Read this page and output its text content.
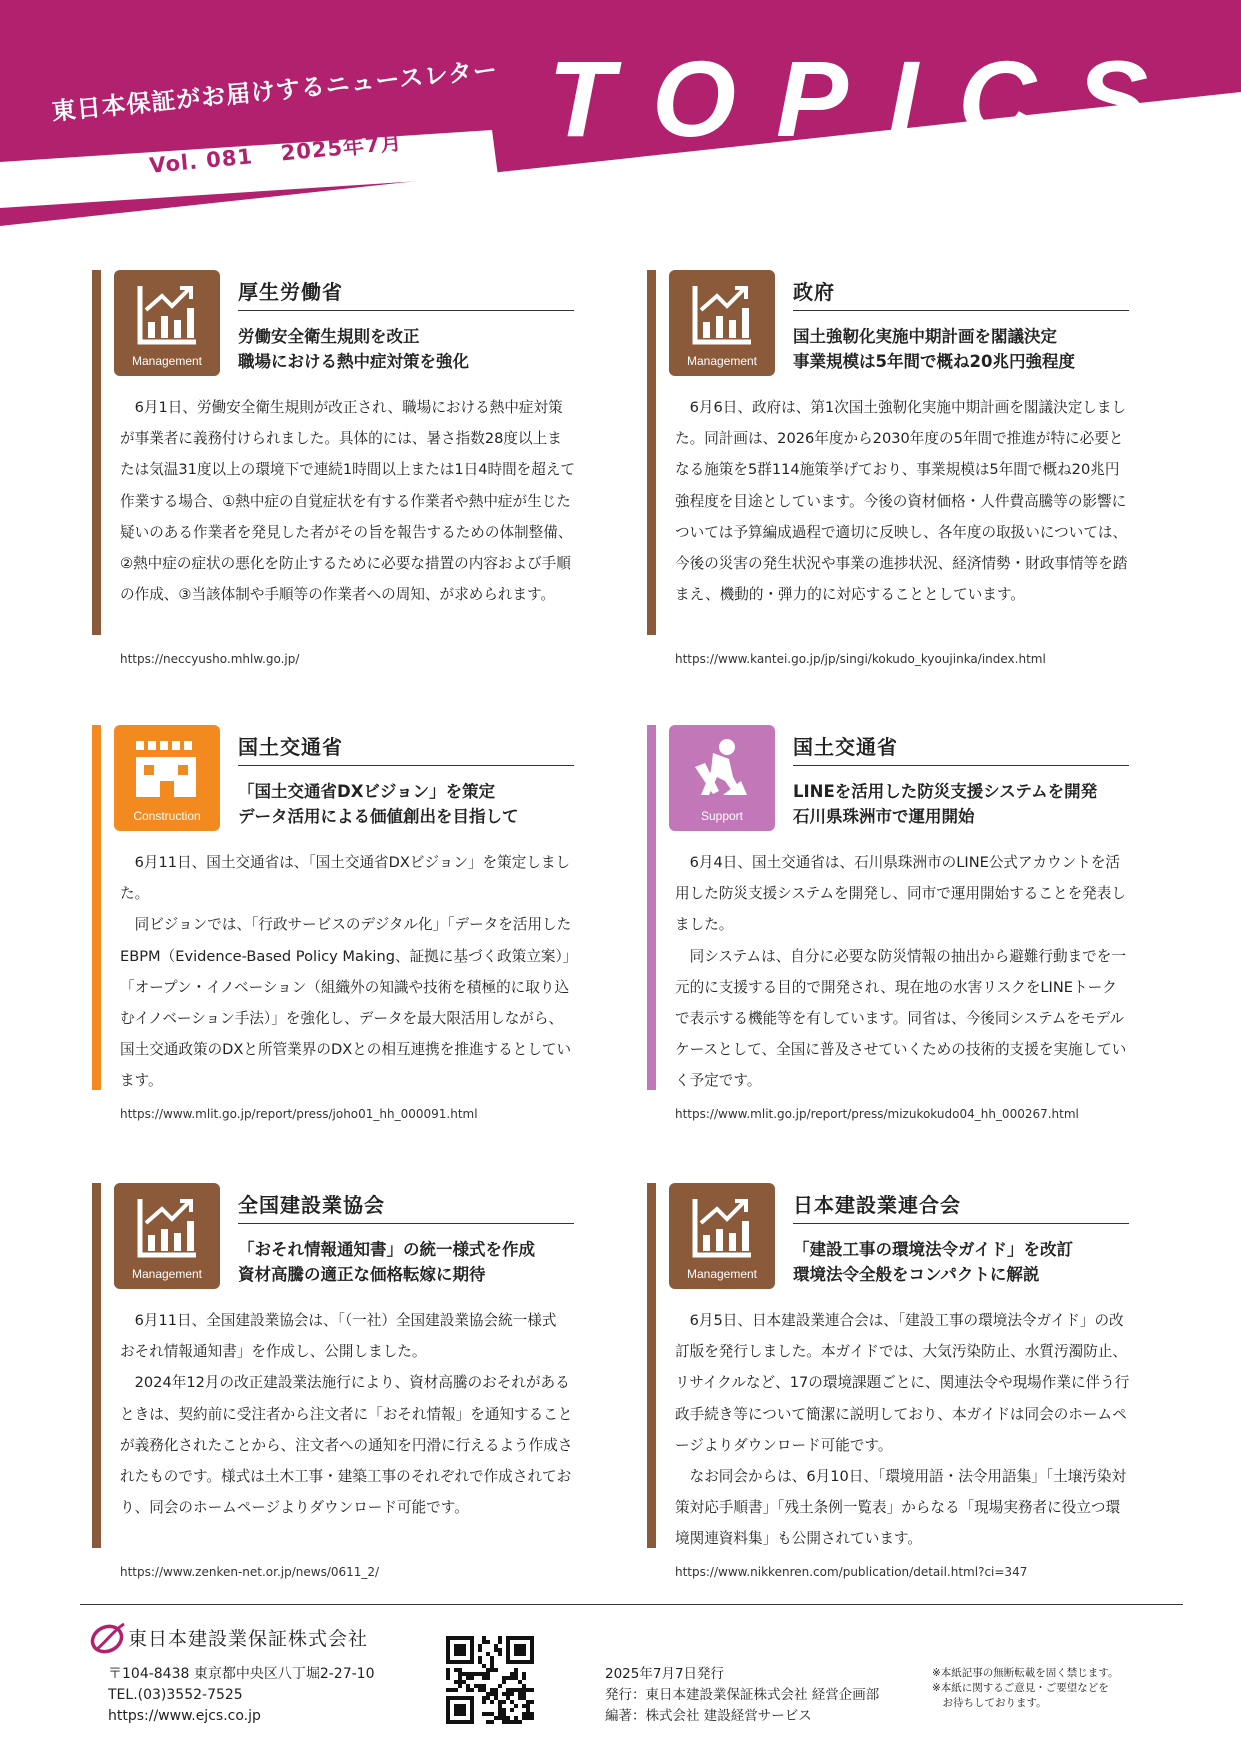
東日本保証がお届けするニュースレター
Vol. 081 2025年7月 TOPICS
Management
厚生労働省
労働安全衛生規則を改正
職場における熱中症対策を強化

6月1日、労働安全衛生規則が改正され、職場における熱中症対策が事業者に義務付けられました。具体的には、暑さ指数28度以上または気温31度以上の環境下で連続1時間以上または1日4時間を超えて作業する場合、①熱中症の自覚症状を有する作業者や熱中症が生じた疑いのある作業者を発見した者がその旨を報告するための体制整備、②熱中症の症状の悪化を防止するために必要な措置の内容および手順の作成、③当該体制や手順等の作業者への周知、が求められます。

https://neccyusho.mhlw.go.jp/
Management
政府
国土強靭化実施中期計画を閣議決定
事業規模は5年間で概ね20兆円強程度

6月6日、政府は、第1次国土強靭化実施中期計画を閣議決定しました。同計画は、2026年度から2030年度の5年間で推進が特に必要となる施策を5群114施策挙げており、事業規模は5年間で概ね20兆円強程度を目途としています。今後の資材価格・人件費高騰等の影響については予算編成過程で適切に反映し、各年度の取扱いについては、今後の災害の発生状況や事業の進捗状況、経済情勢・財政事情等を踏まえ、機動的・弾力的に対応することとしています。

https://www.kantei.go.jp/jp/singi/kokudo_kyoujinka/index.html
Construction
国土交通省
「国土交通省DXビジョン」を策定
データ活用による価値創出を目指して

6月11日、国土交通省は、「国土交通省DXビジョン」を策定しました。

同ビジョンでは、「行政サービスのデジタル化」「データを活用したEBPM（Evidence-Based Policy Making、証拠に基づく政策立案）」「オープン・イノベーション（組織外の知識や技術を積極的に取り込むイノベーション手法）」を強化し、データを最大限活用しながら、国土交通政策のDXと所管業界のDXとの相互連携を推進するとしています。

https://www.mlit.go.jp/report/press/joho01_hh_000091.html
Support
国土交通省
LINEを活用した防災支援システムを開発
石川県珠洲市で運用開始

6月4日、国土交通省は、石川県珠洲市のLINE公式アカウントを活用した防災支援システムを開発し、同市で運用開始することを発表しました。

同システムは、自分に必要な防災情報の抽出から避難行動までを一元的に支援する目的で開発され、現在地の水害リスクをLINEトークで表示する機能等を有しています。同省は、今後同システムをモデルケースとして、全国に普及させていくための技術的支援を実施していく予定です。

https://www.mlit.go.jp/report/press/mizukokudo04_hh_000267.html
Management
全国建設業協会
「おそれ情報通知書」の統一様式を作成
資材高騰の適正な価格転嫁に期待

6月11日、全国建設業協会は、「（一社）全国建設業協会統一様式　おそれ情報通知書」を作成し、公開しました。

2024年12月の改正建設業法施行により、資材高騰のおそれがあるときは、契約前に受注者から注文者に「おそれ情報」を通知することが義務化されたことから、注文者への通知を円滑に行えるよう作成されたものです。様式は土木工事・建築工事のそれぞれで作成されており、同会のホームページよりダウンロード可能です。

https://www.zenken-net.or.jp/news/0611_2/
Management
日本建設業連合会
「建設工事の環境法令ガイド」を改訂
環境法令全般をコンパクトに解説

6月5日、日本建設業連合会は、「建設工事の環境法令ガイド」の改訂版を発行しました。本ガイドでは、大気汚染防止、水質汚濁防止、リサイクルなど、17の環境課題ごとに、関連法令や現場作業に伴う行政手続き等について簡潔に説明しており、本ガイドは同会のホームページよりダウンロード可能です。

なお同会からは、6月10日、「環境用語・法令用語集」「土壌汚染対策対応手順書」「残土条例一覧表」からなる「現場実務者に役立つ環境関連資料集」も公開されています。

https://www.nikkenren.com/publication/detail.html?ci=347
東日本建設業保証株式会社
〒104-8438 東京都中央区八丁堀2-27-10
TEL.(03)3552-7525
https://www.ejcs.co.jp
2025年7月7日発行
発行：東日本建設業保証株式会社 経営企画部
編著：株式会社 建設経営サービス
※本紙記事の無断転載を固く禁じます。
※本紙に関するご意見・ご要望などを
　お待ちしております。
